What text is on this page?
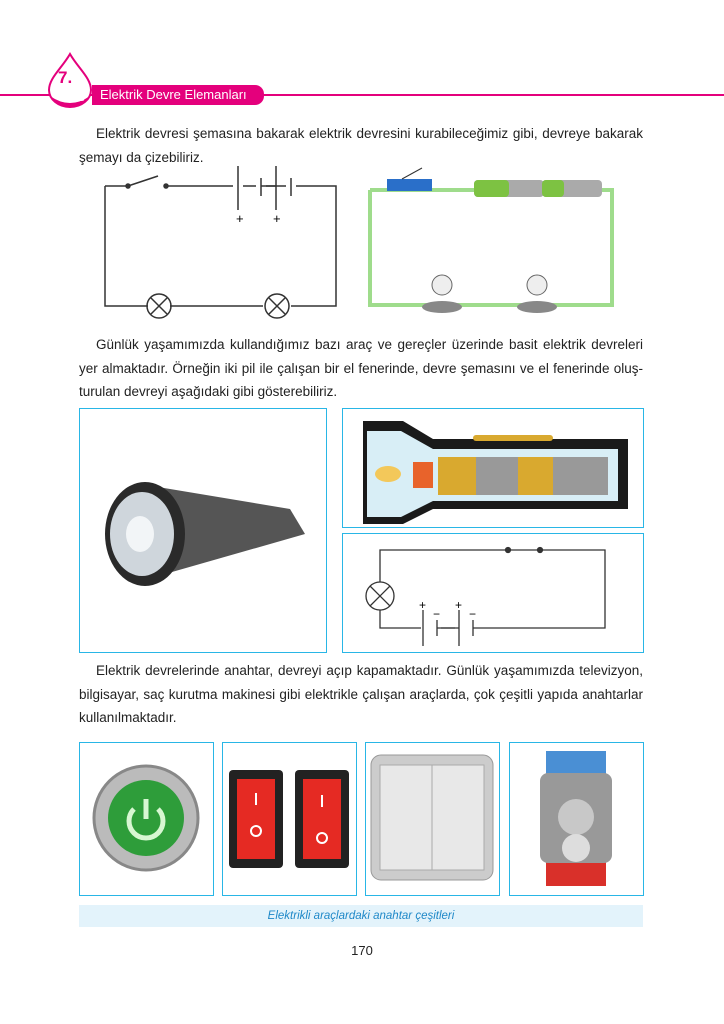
7.
Ünite	Elektrik Devre Elemanları
Elektrik devresi şemasına bakarak elektrik devresini kurabileceğimiz gibi, devreye bakarak
şemayı da çizebiliriz.
+ +
Günlük yaşamımızda kullandığımız bazı araç ve gereçler üzerinde basit elektrik devreleri
yer almaktadır. Örneğin iki pil ile çalışan bir el fenerinde, devre şemasını ve el fenerinde oluş-
turulan devreyi aşağıdaki gibi gösterebiliriz.
+ +
− −
Elektrik devrelerinde anahtar, devreyi açıp kapamaktadır. Günlük yaşamımızda televizyon,
bilgisayar, saç kurutma makinesi gibi elektrikle çalışan araçlarda, çok çeşitli yapıda anahtarlar
kullanılmaktadır.
Elektrikli araçlardaki anahtar çeşitleri
170
